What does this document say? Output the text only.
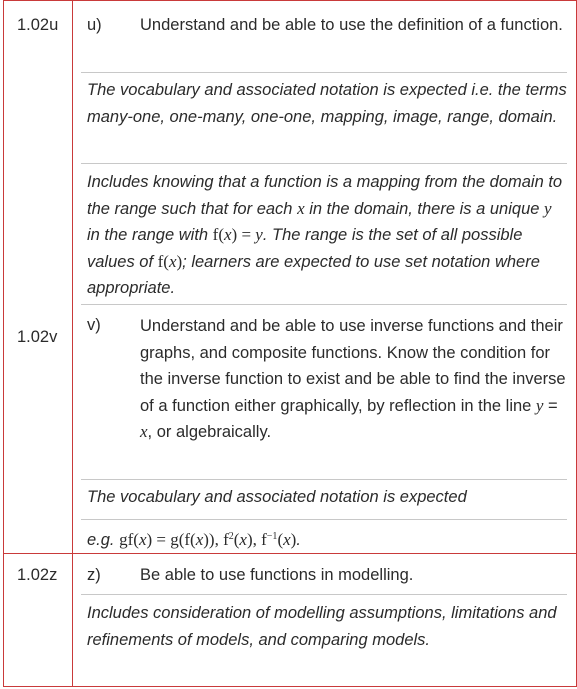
1.02u u) Understand and be able to use the definition of a function.
The vocabulary and associated notation is expected i.e. the terms many-one, one-many, one-one, mapping, image, range, domain.
Includes knowing that a function is a mapping from the domain to the range such that for each x in the domain, there is a unique y in the range with f(x) = y. The range is the set of all possible values of f(x); learners are expected to use set notation where appropriate.
1.02v
v) Understand and be able to use inverse functions and their graphs, and composite functions. Know the condition for the inverse function to exist and be able to find the inverse of a function either graphically, by reflection in the line y = x, or algebraically.
The vocabulary and associated notation is expected
e.g. gf(x) = g(f(x)), $f^2(x)$, $f^{-1}(x)$.
1.02z z) Be able to use functions in modelling.
Includes consideration of modelling assumptions, limitations and refinements of models, and comparing models.
